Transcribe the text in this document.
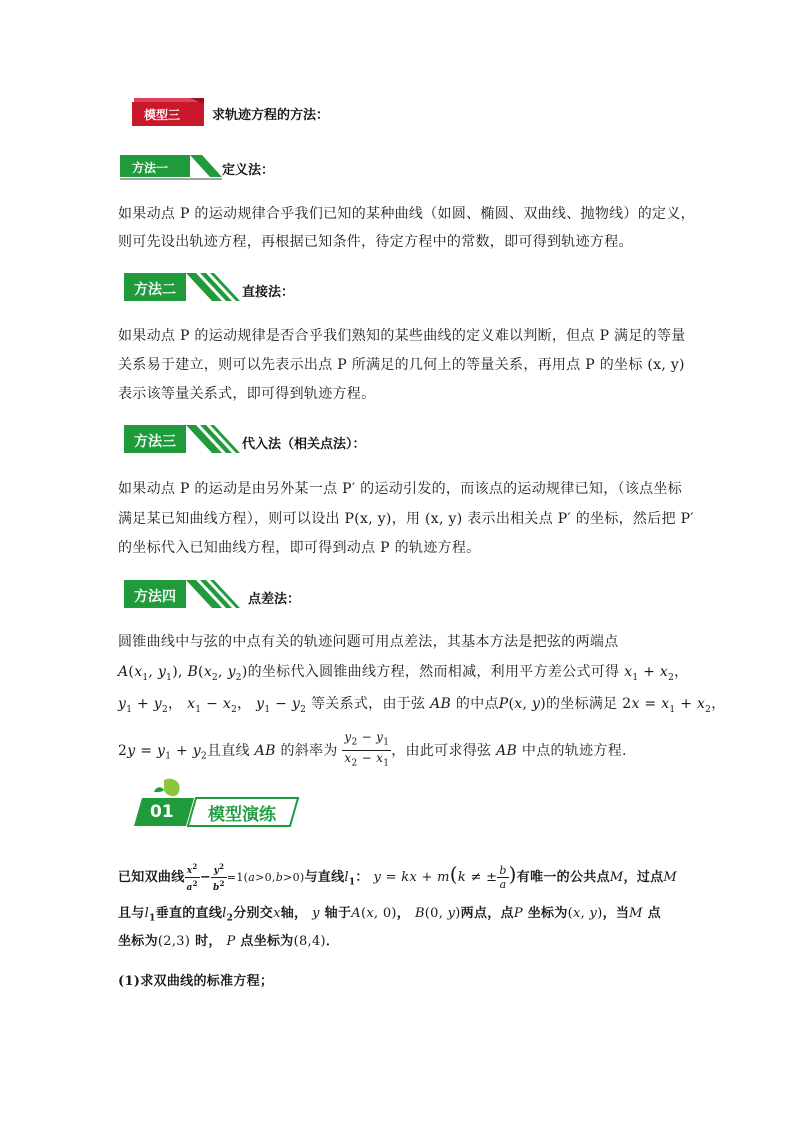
模型三 求轨迹方程的方法：
方法一	定义法：
如果动点 P 的运动规律合乎我们已知的某种曲线（如圆、椭圆、双曲线、抛物线）的定义，
则可先设出轨迹方程，再根据已知条件，待定方程中的常数，即可得到轨迹方程。
方法二	直接法：
如果动点 P 的运动规律是否合乎我们熟知的某些曲线的定义难以判断，但点 P 满足的等量
关系易于建立，则可以先表示出点 P 所满足的几何上的等量关系，再用点 P 的坐标 (x, y)
表示该等量关系式，即可得到轨迹方程。
方法三	代入法（相关点法）：
如果动点 P 的运动是由另外某一点 P′ 的运动引发的，而该点的运动规律已知，（该点坐标
满足某已知曲线方程），则可以设出 P(x, y)，用 (x, y) 表示出相关点 P′ 的坐标，然后把 P′
的坐标代入已知曲线方程，即可得到动点 P 的轨迹方程。
方法四	点差法：
圆锥曲线中与弦的中点有关的轨迹问题可用点差法，其基本方法是把弦的两端点
$A(x_1$, $y_1$), $B(x_2$, $y_2$)的坐标代入圆锥曲线方程，然而相减，利用平方差公式可得 $x_1 + x_2$，
$y_1 + y_2$， $x_1 - x_2$， $y_1 - y_2$ 等关系式，由于弦 AB 的中点P(x, y)的坐标满足 $2x = x_1 + x_2$，
$2y = y_1 + y_2$且直线 AB 的斜率为 $\frac{y_2 - y_1}{x_2 - x_1}$ ，由此可求得弦 AB 中点的轨迹方程.
01 模型演练
已知双曲线 $\frac{x^2}{a^2} - \frac{y^2}{b^2} =1(a>0,b>0)$与直线$l_1$： y = kx + m(k ≠ ± $\frac{b}{a}$ )有唯一的公共点M，过点M
且与$l_1$垂直的直线$l_2$分别交x轴， y 轴于A(x, 0)， B(0, y)两点，点P 坐标为(x, y)，当M 点
坐标为(2,3) 时， P 点坐标为(8,4)．
(1)求双曲线的标准方程；
